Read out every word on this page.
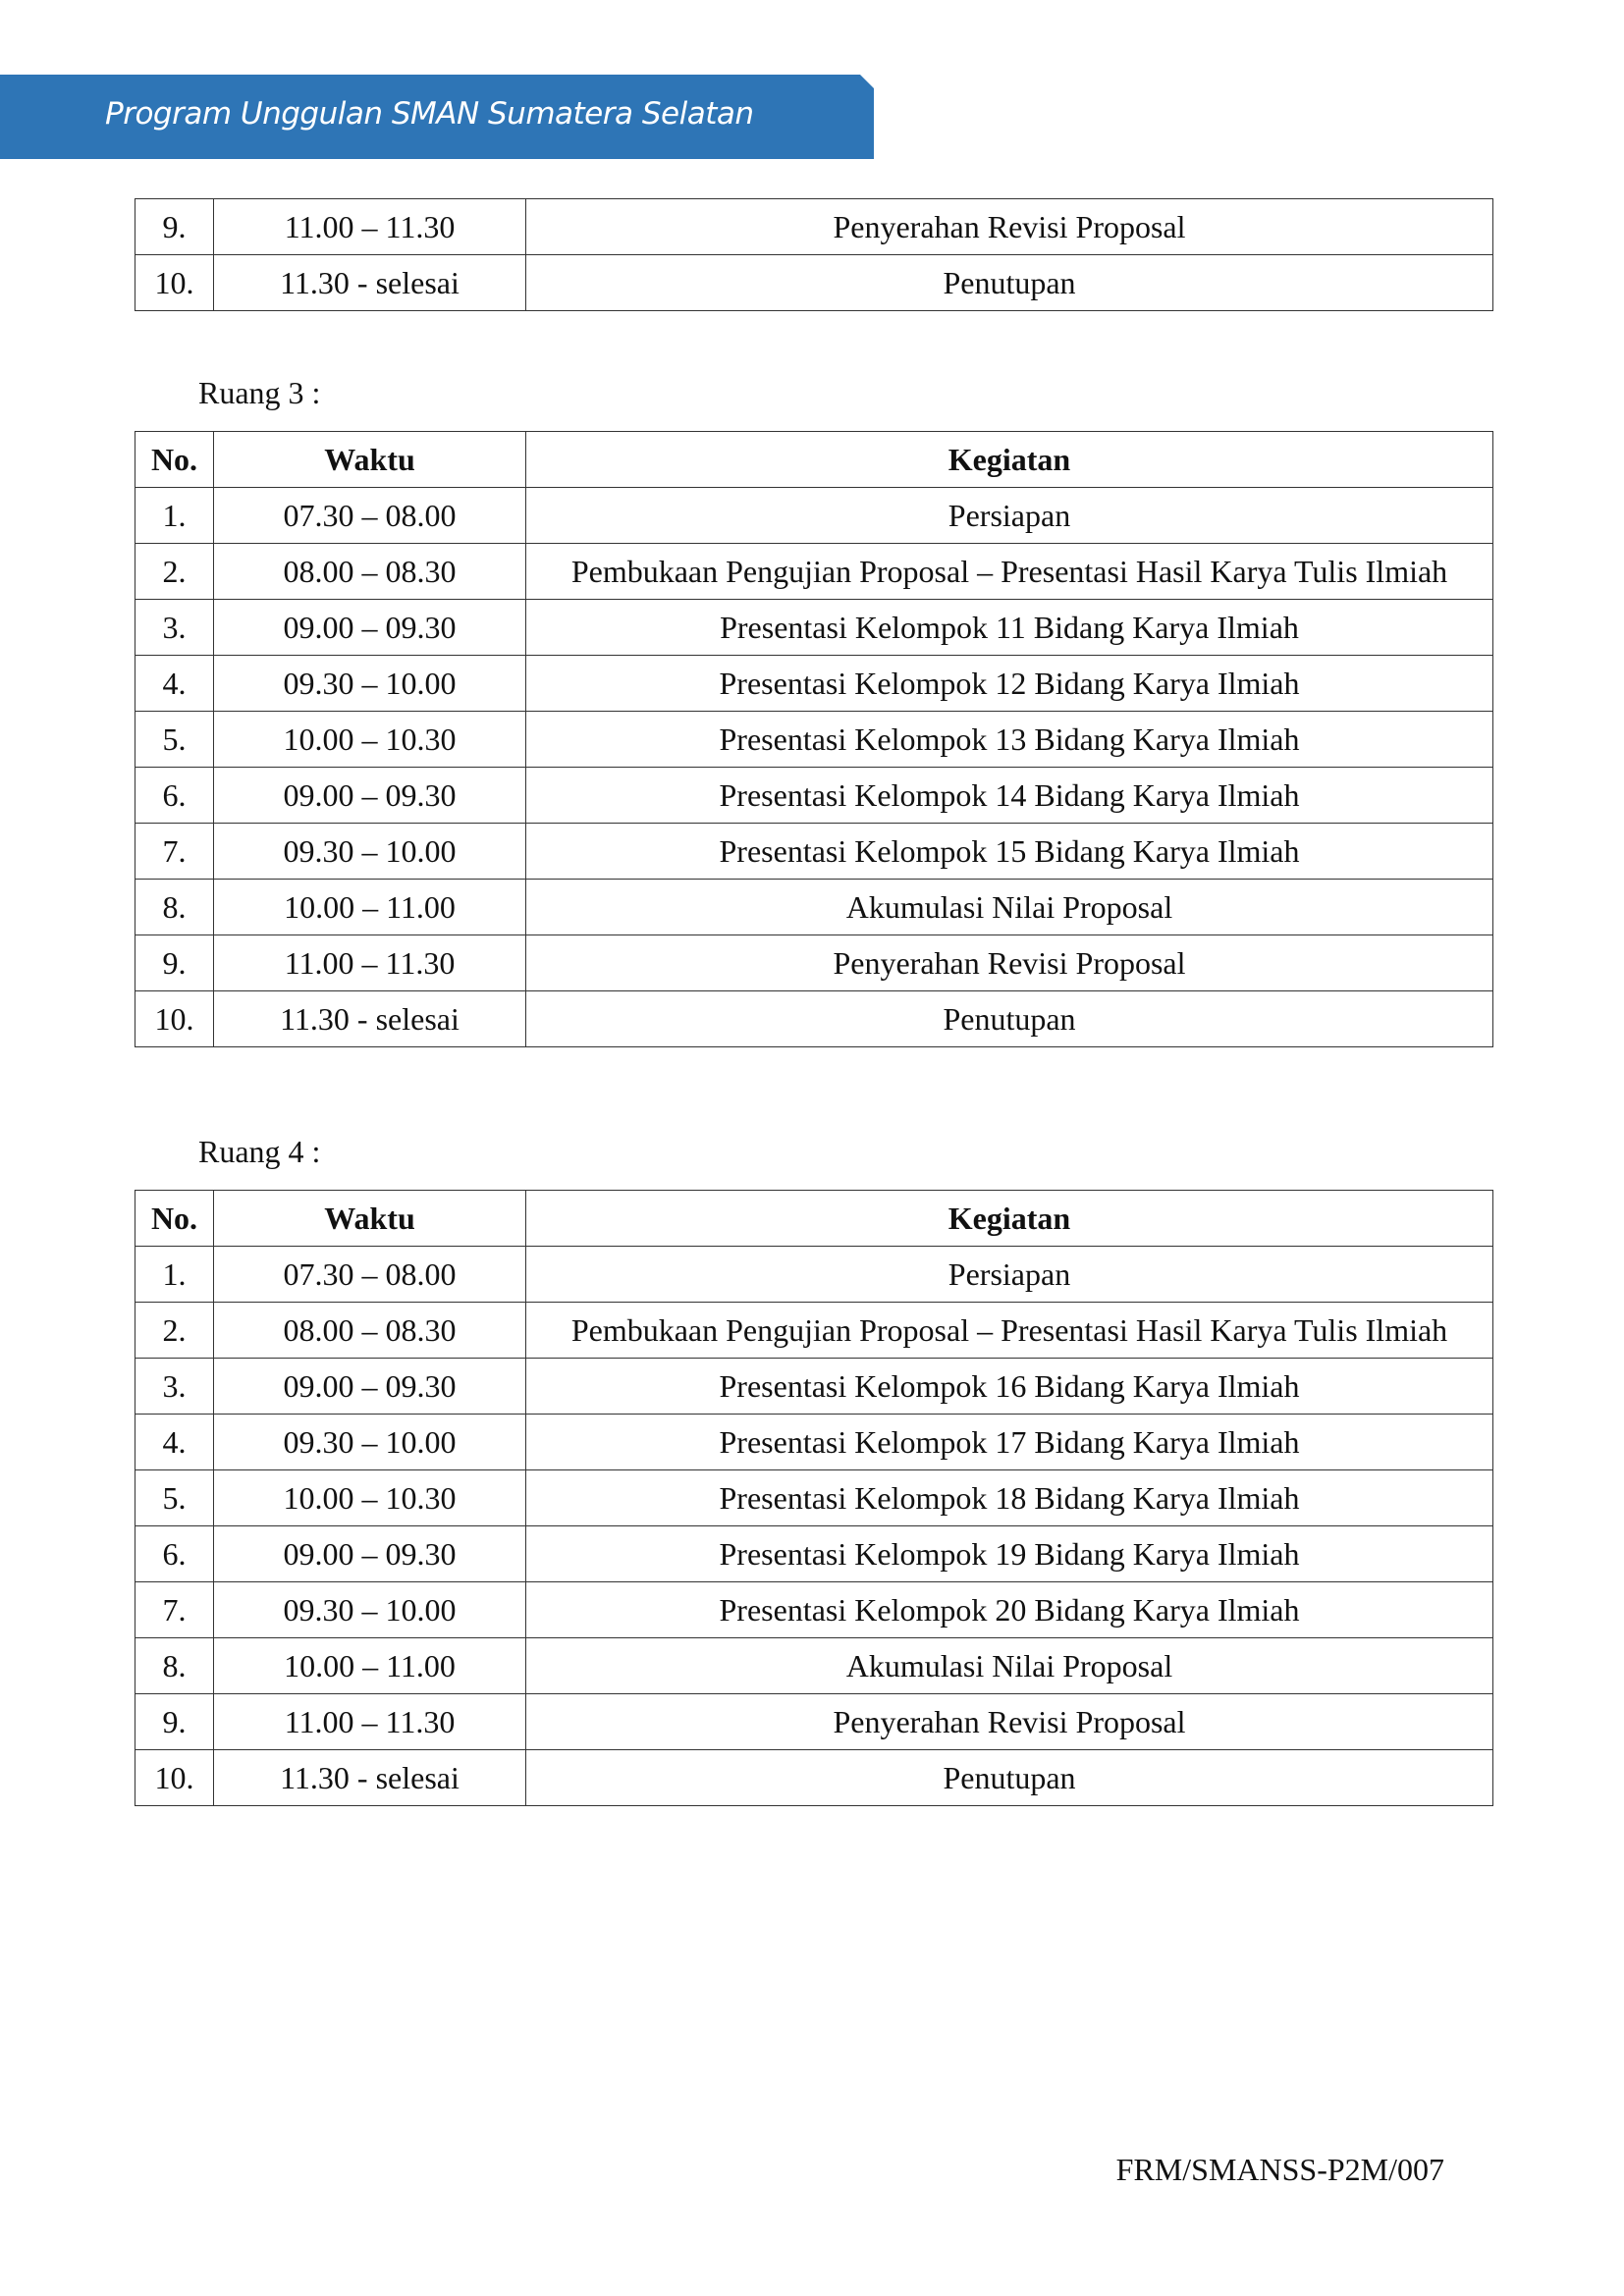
Program Unggulan SMAN Sumatera Selatan
9.	11.00 – 11.30	Penyerahan Revisi Proposal
10.	11.30 - selesai	Penutupan
Ruang 3 :
No.	Waktu	Kegiatan
1.	07.30 – 08.00	Persiapan
2.	08.00 – 08.30	Pembukaan Pengujian Proposal – Presentasi Hasil Karya Tulis Ilmiah
3.	09.00 – 09.30	Presentasi Kelompok 11 Bidang Karya Ilmiah
4.	09.30 – 10.00	Presentasi Kelompok 12 Bidang Karya Ilmiah
5.	10.00 – 10.30	Presentasi Kelompok 13 Bidang Karya Ilmiah
6.	09.00 – 09.30	Presentasi Kelompok 14 Bidang Karya Ilmiah
7.	09.30 – 10.00	Presentasi Kelompok 15 Bidang Karya Ilmiah
8.	10.00 – 11.00	Akumulasi Nilai Proposal
9.	11.00 – 11.30	Penyerahan Revisi Proposal
10.	11.30 - selesai	Penutupan
Ruang 4 :
No.	Waktu	Kegiatan
1.	07.30 – 08.00	Persiapan
2.	08.00 – 08.30	Pembukaan Pengujian Proposal – Presentasi Hasil Karya Tulis Ilmiah
3.	09.00 – 09.30	Presentasi Kelompok 16 Bidang Karya Ilmiah
4.	09.30 – 10.00	Presentasi Kelompok 17 Bidang Karya Ilmiah
5.	10.00 – 10.30	Presentasi Kelompok 18 Bidang Karya Ilmiah
6.	09.00 – 09.30	Presentasi Kelompok 19 Bidang Karya Ilmiah
7.	09.30 – 10.00	Presentasi Kelompok 20 Bidang Karya Ilmiah
8.	10.00 – 11.00	Akumulasi Nilai Proposal
9.	11.00 – 11.30	Penyerahan Revisi Proposal
10.	11.30 - selesai	Penutupan
FRM/SMANSS-P2M/007
